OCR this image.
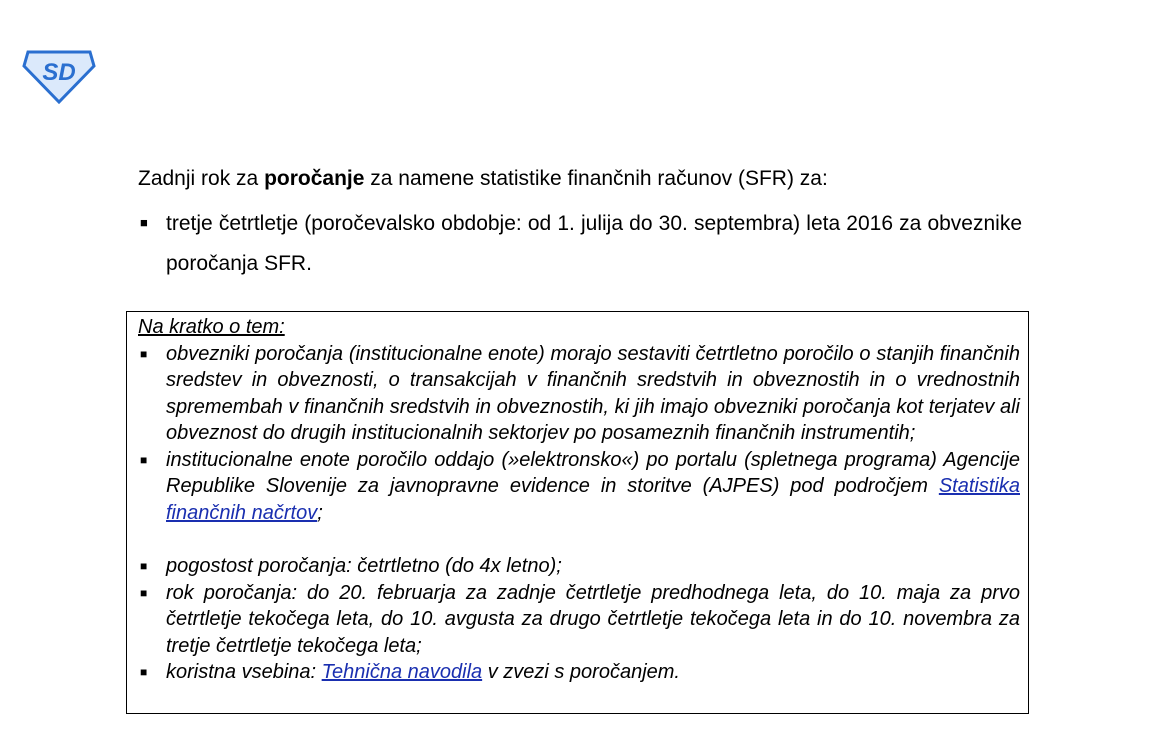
SD

Zadnji rok za poročanje za namene statistike finančnih računov (SFR) za:

■ tretje četrtletje (poročevalsko obdobje: od 1. julija do 30. septembra) leta 2016 za obveznike poročanja SFR.

Na kratko o tem:

■ obvezniki poročanja (institucionalne enote) morajo sestaviti četrtletno poročilo o stanjih finančnih sredstev in obveznosti, o transakcijah v finančnih sredstvih in obveznostih in o vrednostnih spremembah v finančnih sredstvih in obveznostih, ki jih imajo obvezniki poročanja kot terjatev ali obveznost do drugih institucionalnih sektorjev po posameznih finančnih instrumentih;
■ institucionalne enote poročilo oddajo (»elektronsko«) po portalu (spletnega programa) Agencije Republike Slovenije za javnopravne evidence in storitve (AJPES) pod področjem Statistika finančnih načrtov;
■ pogostost poročanja: četrtletno (do 4x letno);
■ rok poročanja: do 20. februarja za zadnje četrtletje predhodnega leta, do 10. maja za prvo četrtletje tekočega leta, do 10. avgusta za drugo četrtletje tekočega leta in do 10. novembra za tretje četrtletje tekočega leta;
■ koristna vsebina: Tehnična navodila v zvezi s poročanjem.
